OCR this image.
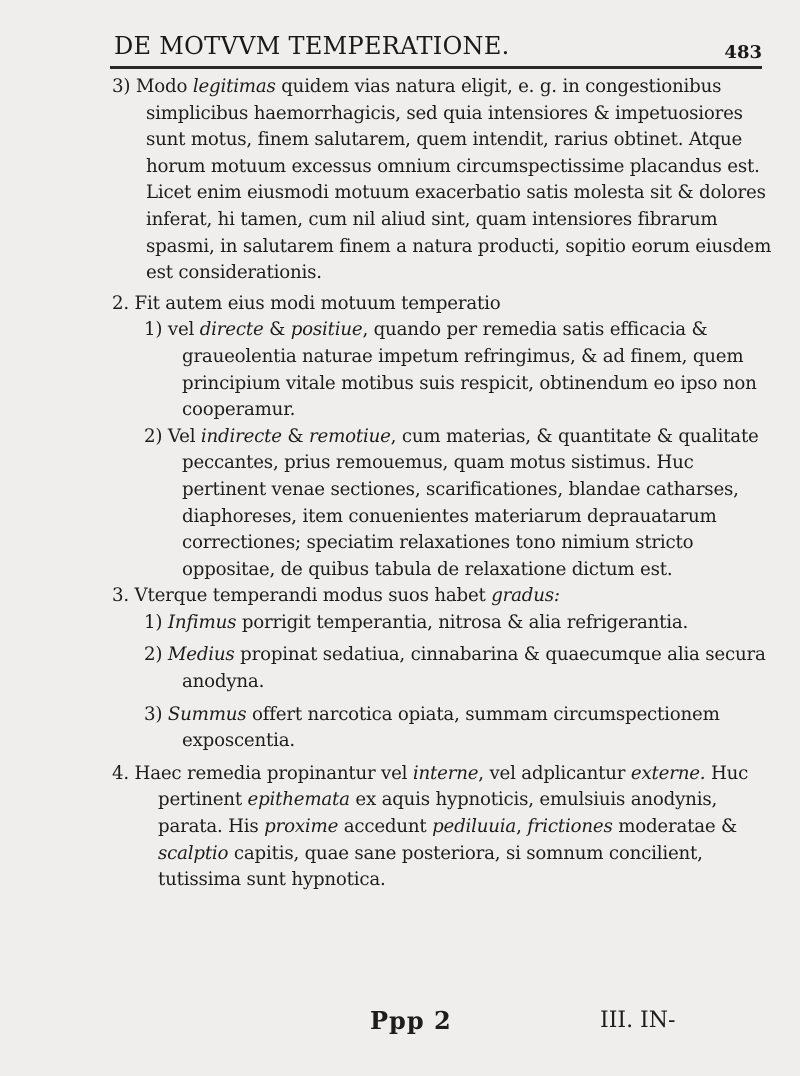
DE MOTVVM TEMPERATIONE.	483

3) Modo legitimas quidem vias natura eligit, e. g. in congestionibus simplicibus haemorrhagicis, sed quia intensiores & impetuosiores sunt motus, finem salutarem, quem intendit, rarius obtinet. Atque horum motuum excessus omnium circumspectissime placandus est. Licet enim eiusmodi motuum exacerbatio satis molesta sit & dolores inferat, hi tamen, cum nil aliud sint, quam intensiores fibrarum spasmi, in salutarem finem a natura producti, sopitio eorum eiusdem est considerationis.

2. Fit autem eius modi motuum temperatio

1) vel directe & positiue, quando per remedia satis efficacia & graueolentia naturae impetum refringimus, & ad finem, quem principium vitale motibus suis respicit, obtinendum eo ipso non cooperamur.

2) Vel indirecte & remotiue, cum materias, & quantitate & qualitate peccantes, prius remouemus, quam motus sistimus. Huc pertinent venae sectiones, scarificationes, blandae catharses, diaphoreses, item conuenientes materiarum deprauatarum correctiones; speciatim relaxationes tono nimium stricto oppositae, de quibus tabula de relaxatione dictum est.

3. Vterque temperandi modus suos habet gradus:

1) Infimus porrigit temperantia, nitrosa & alia refrigerantia.

2) Medius propinat sedatiua, cinnabarina & quaecumque alia secura anodyna.

3) Summus offert narcotica opiata, summam circumspectionem exposcentia.

4. Haec remedia propinantur vel interne, vel adplicantur externe. Huc pertinent epithemata ex aquis hypnoticis, emulsiuis anodynis, parata. His proxime accedunt pediluuia, frictiones moderatae & scalptio capitis, quae sane posteriora, si somnum concilient, tutissima sunt hypnotica.

Ppp 2	III. IN-
